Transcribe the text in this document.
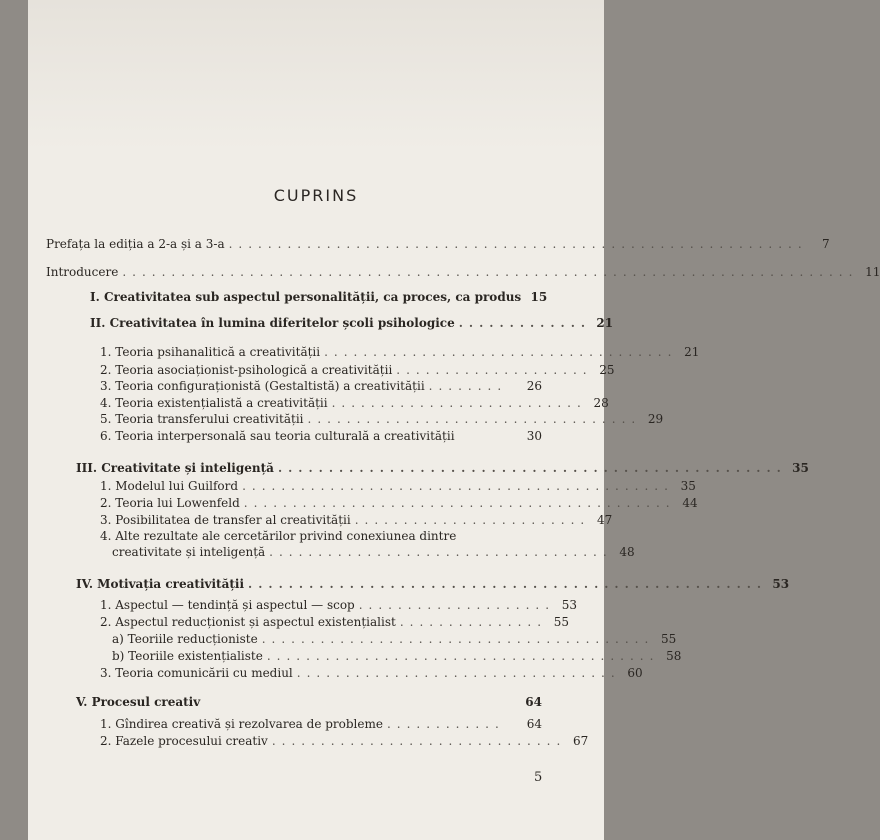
CUPRINS
Prefața la ediția a 2-a și a 3-a ...........................................................	7
Introducere ........................................................................... 11
I. Creativitatea sub aspectul personalității, ca proces, ca produs 15
II. Creativitatea în lumina diferitelor școli psihologice ............. 21
1. Teoria psihanalitică a creativității .................................... 21
2. Teoria asociaționist-psihologică a creativității .................... 25
3. Teoria configuraționistă (Gestaltistă) a creativității ........	26
4. Teoria existențialistă a creativității .......................... 28
5. Teoria transferului creativității .................................. 29
6. Teoria interpersonală sau teoria culturală a creativității	30
III. Creativitate și inteligență .................................................. 35
1. Modelul lui Guilford ............................................ 35
2. Teoria lui Lowenfeld ............................................ 44
3. Posibilitatea de transfer al creativității ........................ 47
4. Alte rezultate ale cercetărilor privind conexiunea dintre
creativitate și inteligență ................................... 48
IV. Motivația creativității ................................................... 53
1. Aspectul — tendință și aspectul — scop .................... 53
2. Aspectul reducționist și aspectul existențialist ............... 55
a) Teoriile reducționiste ........................................ 55
b) Teoriile existențialiste ........................................ 58
3. Teoria comunicării cu mediul ................................. 60
V. Procesul creativ	64
1. Gîndirea creativă și rezolvarea de probleme ............	64
2. Fazele procesului creativ .............................. 67
5
